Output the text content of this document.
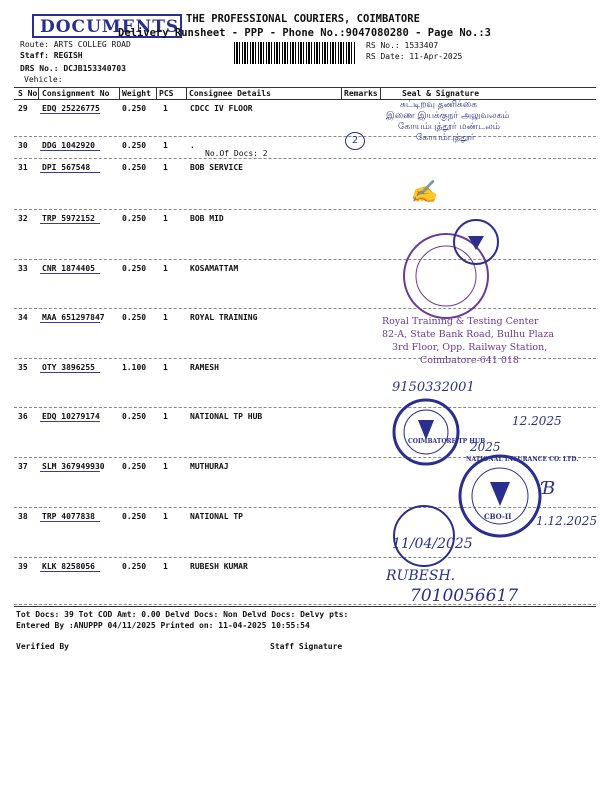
DOCUMENTS THE PROFESSIONAL COURIERS, COIMBATORE
Delivery Runsheet - PPP - Phone No.:9047080280 - Page No.:3
Route: ARTS COLLEG ROAD
Staff: REGISH
DRS No.: DCJB153340703
Vehicle:
RS No.: 1533407
RS Date: 11-Apr-2025
S No Consignment No Weight PCS Consignee Details	Remarks	Seal & Signature
29 EDQ 25226775	0.250 1	CDCC IV FLOOR
30 DDG 1042920	0.250 1	.
No.Of Docs: 2
31 DPI 567548	0.250 1	BOB SERVICE
32 TRP 5972152	0.250 1	BOB MID
33 CNR 1874405	0.250 1	KOSAMATTAM
34 MAA 651297847 0.250 1	ROYAL TRAINING
35 OTY 3896255	1.100 1	RAMESH
36 EDQ 10279174	0.250 1	NATIONAL TP HUB
37 SLM 367949930 0.250 1	MUTHURAJ
38 TRP 4077838	0.250 1	NATIONAL TP
39 KLK 8258056	0.250 1	RUBESH KUMAR
2
சுட்டிறவு தணிக்கை
இணை இயக்குநர் அலுவலகம்
கோயம்புத்தூர் மண்டலம்
கோயம்புத்தூர்
✍
Royal Training & Testing Center
82-A, State Bank Road, Bulhu Plaza
3rd Floor, Opp. Railway Station,
Coimbatore-641 018
9150332001
COIMBATORE TP HUB
12.2025
2025
NATIONAL INSURANCE CO. LTD.
CBO-II
Ɓ
1.12.2025
11/04/2025
RUBESH.
7010056617
Tot Docs: 39 Tot COD Amt: 0.00 Delvd Docs: Non Delvd Docs: Delvy pts:
Entered By :ANUPPP 04/11/2025 Printed on: 11-04-2025 10:55:54
Verified By	Staff Signature
